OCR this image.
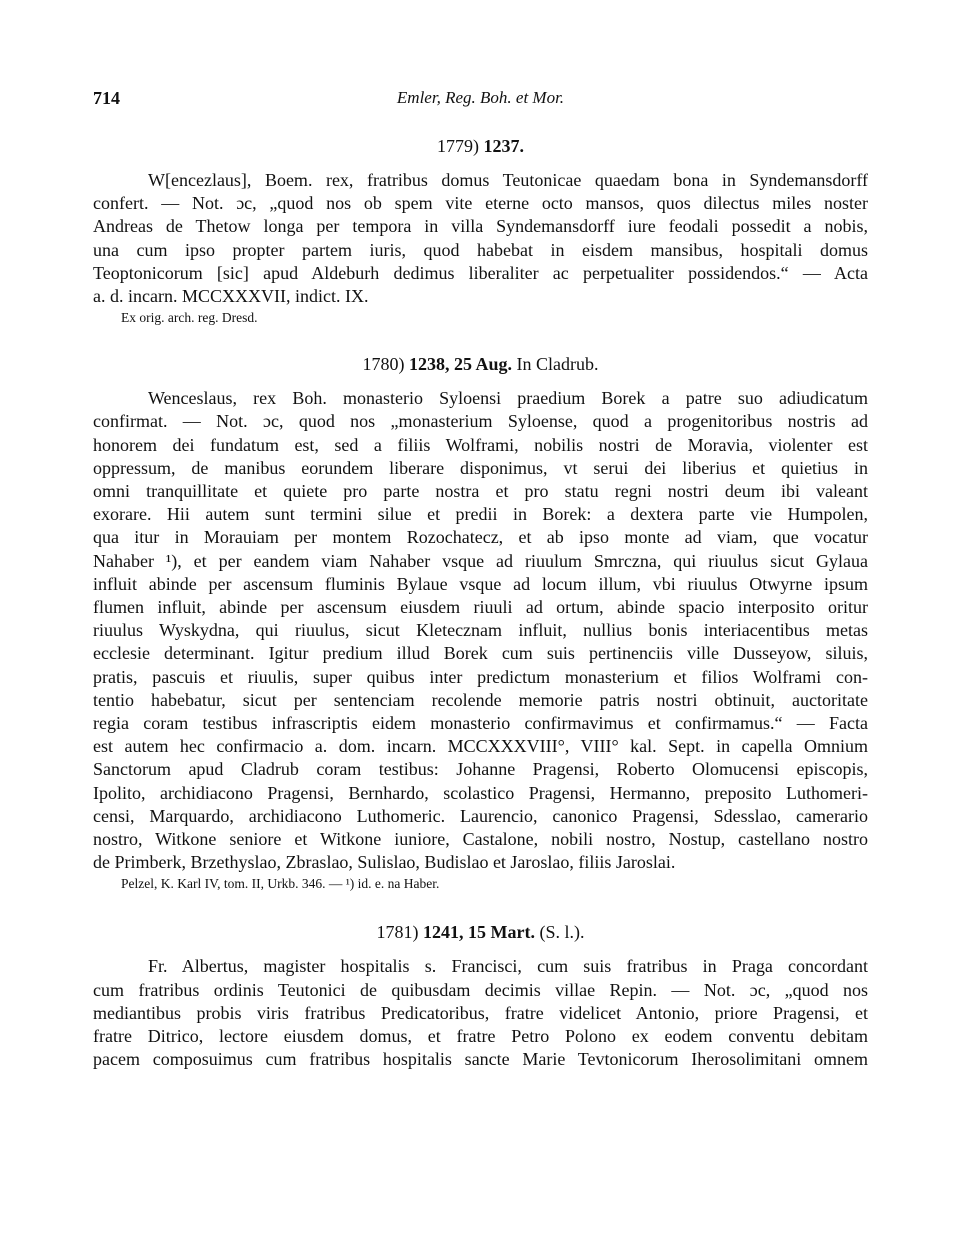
714	Emler, Reg. Boh. et Mor.
1779) 1237.

W[encezlaus], Boem. rex, fratribus domus Teutonicae quaedam bona in Syndemansdorff
confert. — Not. ɔc, „quod nos ob spem vite eterne octo mansos, quos dilectus miles noster
Andreas de Thetow longa per tempora in villa Syndemansdorff iure feodali possedit a nobis,
una cum ipso propter partem iuris, quod habebat in eisdem mansibus, hospitali domus
Teoptonicorum [sic] apud Aldeburh dedimus liberaliter ac perpetualiter possidendos.“ — Acta
a. d. incarn. MCCXXXVII, indict. IX.

Ex orig. arch. reg. Dresd.
1780) 1238, 25 Aug. In Cladrub.

Wenceslaus, rex Boh. monasterio Syloensi praedium Borek a patre suo adiudicatum
confirmat. — Not. ɔc, quod nos „monasterium Syloense, quod a progenitoribus nostris ad
honorem dei fundatum est, sed a filiis Wolframi, nobilis nostri de Moravia, violenter est
oppressum, de manibus eorundem liberare disponimus, vt serui dei liberius et quietius in
omni tranquillitate et quiete pro parte nostra et pro statu regni nostri deum ibi valeant
exorare. Hii autem sunt termini silue et predii in Borek: a dextera parte vie Humpolen,
qua itur in Morauiam per montem Rozochatecz, et ab ipso monte ad viam, que vocatur
Nahaber ¹), et per eandem viam Nahaber vsque ad riuulum Smrczna, qui riuulus sicut Gylaua
influit abinde per ascensum fluminis Bylaue vsque ad locum illum, vbi riuulus Otwyrne ipsum
flumen influit, abinde per ascensum eiusdem riuuli ad ortum, abinde spacio interposito oritur
riuulus Wyskydna, qui riuulus, sicut Kletecznam influit, nullius bonis interiacentibus metas
ecclesie determinant. Igitur predium illud Borek cum suis pertinenciis ville Dusseyow, siluis,
pratis, pascuis et riuulis, super quibus inter predictum monasterium et filios Wolframi con-
tentio habebatur, sicut per sentenciam recolende memorie patris nostri obtinuit, auctoritate
regia coram testibus infrascriptis eidem monasterio confirmavimus et confirmamus.“ — Facta
est autem hec confirmacio a. dom. incarn. MCCXXXVIII°, VIII° kal. Sept. in capella Omnium
Sanctorum apud Cladrub coram testibus: Johanne Pragensi, Roberto Olomucensi episcopis,
Ipolito, archidiacono Pragensi, Bernhardo, scolastico Pragensi, Hermanno, preposito Luthomeri-
censi, Marquardo, archidiacono Luthomeric. Laurencio, canonico Pragensi, Sdesslao, camerario
nostro, Witkone seniore et Witkone iuniore, Castalone, nobili nostro, Nostup, castellano nostro
de Primberk, Brzethyslao, Zbraslao, Sulislao, Budislao et Jaroslao, filiis Jaroslai.

Pelzel, K. Karl IV, tom. II, Urkb. 346. — ¹) id. e. na Haber.
1781) 1241, 15 Mart. (S. l.).

Fr. Albertus, magister hospitalis s. Francisci, cum suis fratribus in Praga concordant
cum fratribus ordinis Teutonici de quibusdam decimis villae Repin. — Not. ɔc, „quod nos
mediantibus probis viris fratribus Predicatoribus, fratre videlicet Antonio, priore Pragensi, et
fratre Ditrico, lectore eiusdem domus, et fratre Petro Polono ex eodem conventu debitam
pacem composuimus cum fratribus hospitalis sancte Marie Tevtonicorum Iherosolimitani omnem
